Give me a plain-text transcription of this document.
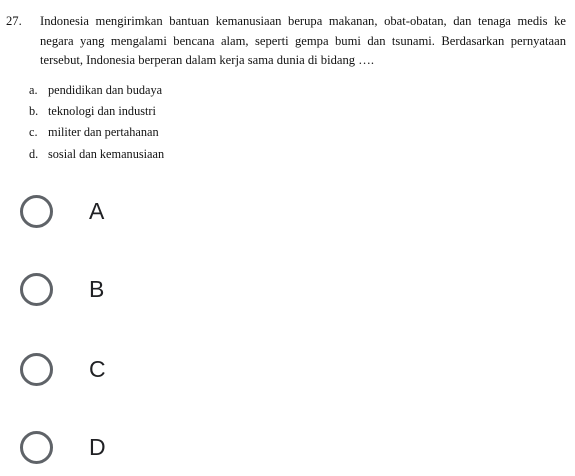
27.	Indonesia mengirimkan bantuan kemanusiaan berupa makanan, obat-obatan, dan tenaga medis ke negara yang mengalami bencana alam, seperti gempa bumi dan tsunami. Berdasarkan pernyataan tersebut, Indonesia berperan dalam kerja sama dunia di bidang ….
a. pendidikan dan budaya
b. teknologi dan industri
c. militer dan pertahanan
d. sosial dan kemanusiaan
A
B
C
D
